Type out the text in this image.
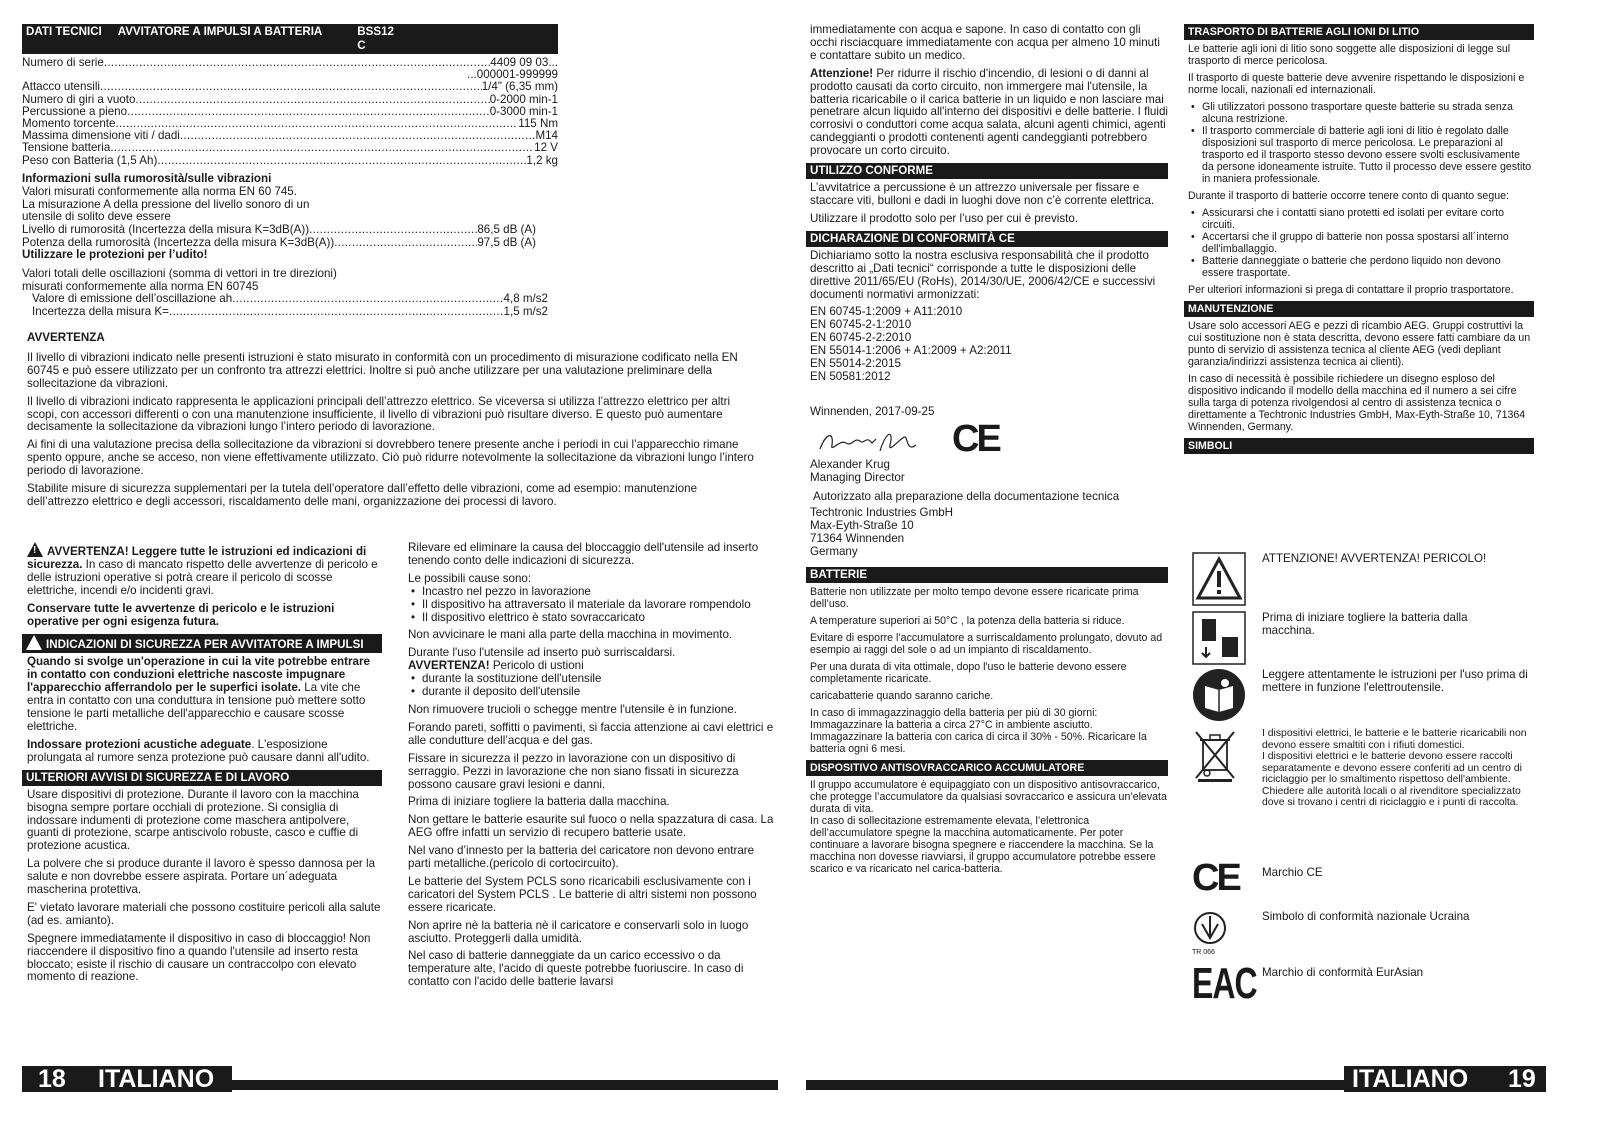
DATI TECNICI	AVVITATORE A IMPULSI A BATTERIA	BSS12 C
Numero di serie .....	4409 09 03...
...000001-999999
Attacco utensili .....	1/4" (6,35 mm)
Numero di giri a vuoto .....	0-2000 min-1
Percussione a pieno .....	0-3000 min-1
Momento torcente .....	115 Nm
Massima dimensione viti / dadi .....	M14
Tensione batteria .....	12 V
Peso con Batteria (1,5 Ah) .....	1,2 kg
Informazioni sulla rumorosità/sulle vibrazioni
Valori misurati conformemente alla norma EN 60 745.
La misurazione A della pressione del livello sonoro di un
utensile di solito deve essere
Livello di rumorosità (Incertezza della misura K=3dB(A)) .....	86,5 dB (A)
Potenza della rumorosità (Incertezza della misura K=3dB(A)) .....	97,5 dB (A)
Utilizzare le protezioni per l’udito!
Valori totali delle oscillazioni (somma di vettori in tre direzioni)
misurati conformemente alla norma EN 60745
Valore di emissione dell’oscillazione ah .....	4,8 m/s2
Incertezza della misura K= .....	1,5 m/s2
AVVERTENZA

Il livello di vibrazioni indicato nelle presenti istruzioni è stato misurato in conformità con un procedimento di misurazione codificato nella EN 60745 e può essere utilizzato per un confronto tra attrezzi elettrici. Inoltre si può anche utilizzare per una valutazione preliminare della sollecitazione da vibrazioni.

Il livello di vibrazioni indicato rappresenta le applicazioni principali dell’attrezzo elettrico. Se viceversa si utilizza l’attrezzo elettrico per altri scopi, con accessori differenti o con una manutenzione insufficiente, il livello di vibrazioni può risultare diverso. E questo può aumentare decisamente la sollecitazione da vibrazioni lungo l’intero periodo di lavorazione.

Ai fini di una valutazione precisa della sollecitazione da vibrazioni si dovrebbero tenere presente anche i periodi in cui l’apparecchio rimane spento oppure, anche se acceso, non viene effettivamente utilizzato. Ciò può ridurre notevolmente la sollecitazione da vibrazioni lungo l’intero periodo di lavorazione.

Stabilite misure di sicurezza supplementari per la tutela dell’operatore dall’effetto delle vibrazioni, come ad esempio: manutenzione dell’attrezzo elettrico e degli accessori, riscaldamento delle mani, organizzazione dei processi di lavoro.

!AVVERTENZA! Leggere tutte le istruzioni ed indicazioni di sicurezza. In caso di mancato rispetto delle avvertenze di pericolo e delle istruzioni operative si potrà creare il pericolo di scosse elettriche, incendi e/o incidenti gravi.

Conservare tutte le avvertenze di pericolo e le istruzioni operative per ogni esigenza futura.

!INDICAZIONI DI SICUREZZA PER AVVITATORE A IMPULSI

Quando si svolge un'operazione in cui la vite potrebbe entrare in contatto con conduzioni elettriche nascoste impugnare l'apparecchio afferrandolo per le superfici isolate. La vite che entra in contatto con una conduttura in tensione può mettere sotto tensione le parti metalliche dell'apparecchio e causare scosse elettriche.

Indossare protezioni acustiche adeguate. L'esposizione prolungata al rumore senza protezione può causare danni all'udito.

ULTERIORI AVVISI DI SICUREZZA E DI LAVORO

Usare dispositivi di protezione. Durante il lavoro con la macchina bisogna sempre portare occhiali di protezione. Si consiglia di indossare indumenti di protezione come maschera antipolvere, guanti di protezione, scarpe antiscivolo robuste, casco e cuffie di protezione acustica.

La polvere che si produce durante il lavoro è spesso dannosa per la salute e non dovrebbe essere aspirata. Portare un´adeguata mascherina protettiva.

E' vietato lavorare materiali che possono costituire pericoli alla salute (ad es. amianto).

Spegnere immediatamente il dispositivo in caso di bloccaggio! Non riaccendere il dispositivo fino a quando l'utensile ad inserto resta bloccato; esiste il rischio di causare un contraccolpo con elevato momento di reazione.

Rilevare ed eliminare la causa del bloccaggio dell'utensile ad inserto tenendo conto delle indicazioni di sicurezza.

Le possibili cause sono:
• Incastro nel pezzo in lavorazione
• Il dispositivo ha attraversato il materiale da lavorare rompendolo
• Il dispositivo elettrico è stato sovraccaricato

Non avvicinare le mani alla parte della macchina in movimento.

Durante l'uso l'utensile ad inserto può surriscaldarsi.
AVVERTENZA! Pericolo di ustioni
• durante la sostituzione dell'utensile
• durante il deposito dell'utensile

Non rimuovere trucioli o schegge mentre l'utensile è in funzione.

Forando pareti, soffitti o pavimenti, si faccia attenzione ai cavi elettrici e alle condutture dell’acqua e del gas.

Fissare in sicurezza il pezzo in lavorazione con un dispositivo di serraggio. Pezzi in lavorazione che non siano fissati in sicurezza possono causare gravi lesioni e danni.

Prima di iniziare togliere la batteria dalla macchina.

Non gettare le batterie esaurite sul fuoco o nella spazzatura di casa. La AEG offre infatti un servizio di recupero batterie usate.

Nel vano d’innesto per la batteria del caricatore non devono entrare parti metalliche.(pericolo di cortocircuito).

Le batterie del System PCLS sono ricaricabili esclusivamente con i caricatori del System PCLS . Le batterie di altri sistemi non possono essere ricaricate.

Non aprire nè la batteria nè il caricatore e conservarli solo in luogo asciutto. Proteggerli dalla umidità.

Nel caso di batterie danneggiate da un carico eccessivo o da temperature alte, l'acido di queste potrebbe fuoriuscire. In caso di contatto con l'acido delle batterie lavarsi

18	ITALIANO

immediatamente con acqua e sapone. In caso di contatto con gli occhi risciacquare immediatamente con acqua per almeno 10 minuti e contattare subito un medico.

Attenzione! Per ridurre il rischio d'incendio, di lesioni o di danni al prodotto causati da corto circuito, non immergere mai l'utensile, la batteria ricaricabile o il carica batterie in un liquido e non lasciare mai penetrare alcun liquido all'interno dei dispositivi e delle batterie. I fluidi corrosivi o conduttori come acqua salata, alcuni agenti chimici, agenti candeggianti o prodotti contenenti agenti candeggianti potrebbero provocare un corto circuito.

UTILIZZO CONFORME

L’avvitatrice a percussione è un attrezzo universale per fissare e staccare viti, bulloni e dadi in luoghi dove non c’è corrente elettrica.

Utilizzare il prodotto solo per l’uso per cui è previsto.

DICHARAZIONE DI CONFORMITÀ CE

Dichiariamo sotto la nostra esclusiva responsabilità che il prodotto descritto ai „Dati tecnici“ corrisponde a tutte le disposizioni delle direttive 2011/65/EU (RoHs), 2014/30/UE, 2006/42/CE e successivi documenti normativi armonizzati:

EN 60745-1:2009 + A11:2010
EN 60745-2-1:2010
EN 60745-2-2:2010
EN 55014-1:2006 + A1:2009 + A2:2011
EN 55014-2:2015
EN 50581:2012
Winnenden, 2017-09-25
CE
Alexander Krug
Managing Director
Autorizzato alla preparazione della documentazione tecnica
Techtronic Industries GmbH
Max-Eyth-Straße 10
71364 Winnenden
Germany
BATTERIE

Batterie non utilizzate per molto tempo devone essere ricaricate prima dell’uso.

A temperature superiori ai 50°C , la potenza della batteria si riduce.

Evitare di esporre l’accumulatore a surriscaldamento prolungato, dovuto ad esempio ai raggi del sole o ad un impianto di riscaldamento.

Per una durata di vita ottimale, dopo l'uso le batterie devono essere completamente ricaricate.

caricabatterie quando saranno cariche.

In caso di immagazzinaggio della batteria per più di 30 giorni: Immagazzinare la batteria a circa 27°C in ambiente asciutto. Immagazzinare la batteria con carica di circa il 30% - 50%. Ricaricare la batteria ogni 6 mesi.

DISPOSITIVO ANTISOVRACCARICO ACCUMULATORE
Il gruppo accumulatore è equipaggiato con un dispositivo antisovraccarico, che protegge l’accumulatore da qualsiasi sovraccarico e assicura un’elevata durata di vita.
In caso di sollecitazione estremamente elevata, l’elettronica dell’accumulatore spegne la macchina automaticamente. Per poter continuare a lavorare bisogna spegnere e riaccendere la macchina. Se la macchina non dovesse riavviarsi, il gruppo accumulatore potrebbe essere scarico e va ricaricato nel carica-batteria.
TRASPORTO DI BATTERIE AGLI IONI DI LITIO

Le batterie agli ioni di litio sono soggette alle disposizioni di legge sul trasporto di merce pericolosa.

Il trasporto di queste batterie deve avvenire rispettando le disposizioni e norme locali, nazionali ed internazionali.

• Gli utilizzatori possono trasportare queste batterie su strada senza alcuna restrizione.
• Il trasporto commerciale di batterie agli ioni di litio è regolato dalle disposizioni sul trasporto di merce pericolosa. Le preparazioni al trasporto ed il trasporto stesso devono essere svolti esclusivamente da persone idoneamente istruite. Tutto il processo deve essere gestito in maniera professionale.

Durante il trasporto di batterie occorre tenere conto di quanto segue:

• Assicurarsi che i contatti siano protetti ed isolati per evitare corto circuiti.
• Accertarsi che il gruppo di batterie non possa spostarsi all´interno dell'imballaggio.
• Batterie danneggiate o batterie che perdono liquido non devono essere trasportate.

Per ulteriori informazioni si prega di contattare il proprio trasportatore.

MANUTENZIONE

Usare solo accessori AEG e pezzi di ricambio AEG. Gruppi costruttivi la cui sostituzione non è stata descritta, devono essere fatti cambiare da un punto di servizio di assistenza tecnica al cliente AEG (vedi depliant garanzia/indirizzi assistenza tecnica ai clienti).

In caso di necessità è possibile richiedere un disegno esploso del dispositivo indicando il modello della macchina ed il numero a sei cifre sulla targa di potenza rivolgendosi al centro di assistenza tecnica o direttamente a Techtronic Industries GmbH, Max-Eyth-Straße 10, 71364 Winnenden, Germany.

SIMBOLI
ATTENZIONE! AVVERTENZA! PERICOLO!
Prima di iniziare togliere la batteria dalla macchina.
Leggere attentamente le istruzioni per l'uso prima di mettere in funzione l'elettroutensile.
I dispositivi elettrici, le batterie e le batterie ricaricabili non devono essere smaltiti con i rifiuti domestici.
I dispositivi elettrici e le batterie devono essere raccolti separatamente e devono essere conferiti ad un centro di riciclaggio per lo smaltimento rispettoso dell'ambiente.
Chiedere alle autorità locali o al rivenditore specializzato dove si trovano i centri di riciclaggio e i punti di raccolta.
CE Marchio CE
Simbolo di conformità nazionale Ucraina
TR 066
EAC Marchio di conformità EurAsian
ITALIANO	19
